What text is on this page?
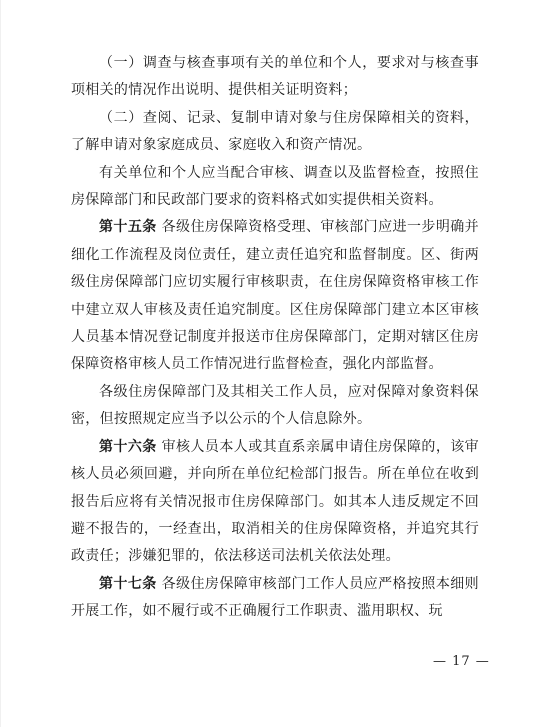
（一）调查与核查事项有关的单位和个人，要求对与核查事项相关的情况作出说明、提供相关证明资料；

（二）查阅、记录、复制申请对象与住房保障相关的资料，了解申请对象家庭成员、家庭收入和资产情况。

有关单位和个人应当配合审核、调查以及监督检查，按照住房保障部门和民政部门要求的资料格式如实提供相关资料。

第十五条 各级住房保障资格受理、审核部门应进一步明确并细化工作流程及岗位责任，建立责任追究和监督制度。区、街两级住房保障部门应切实履行审核职责，在住房保障资格审核工作中建立双人审核及责任追究制度。区住房保障部门建立本区审核人员基本情况登记制度并报送市住房保障部门，定期对辖区住房保障资格审核人员工作情况进行监督检查，强化内部监督。

各级住房保障部门及其相关工作人员，应对保障对象资料保密，但按照规定应当予以公示的个人信息除外。

第十六条 审核人员本人或其直系亲属申请住房保障的，该审核人员必须回避，并向所在单位纪检部门报告。所在单位在收到报告后应将有关情况报市住房保障部门。如其本人违反规定不回避不报告的，一经查出，取消相关的住房保障资格，并追究其行政责任；涉嫌犯罪的，依法移送司法机关依法处理。

第十七条 各级住房保障审核部门工作人员应严格按照本细则开展工作，如不履行或不正确履行工作职责、滥用职权、玩

— 17 —
